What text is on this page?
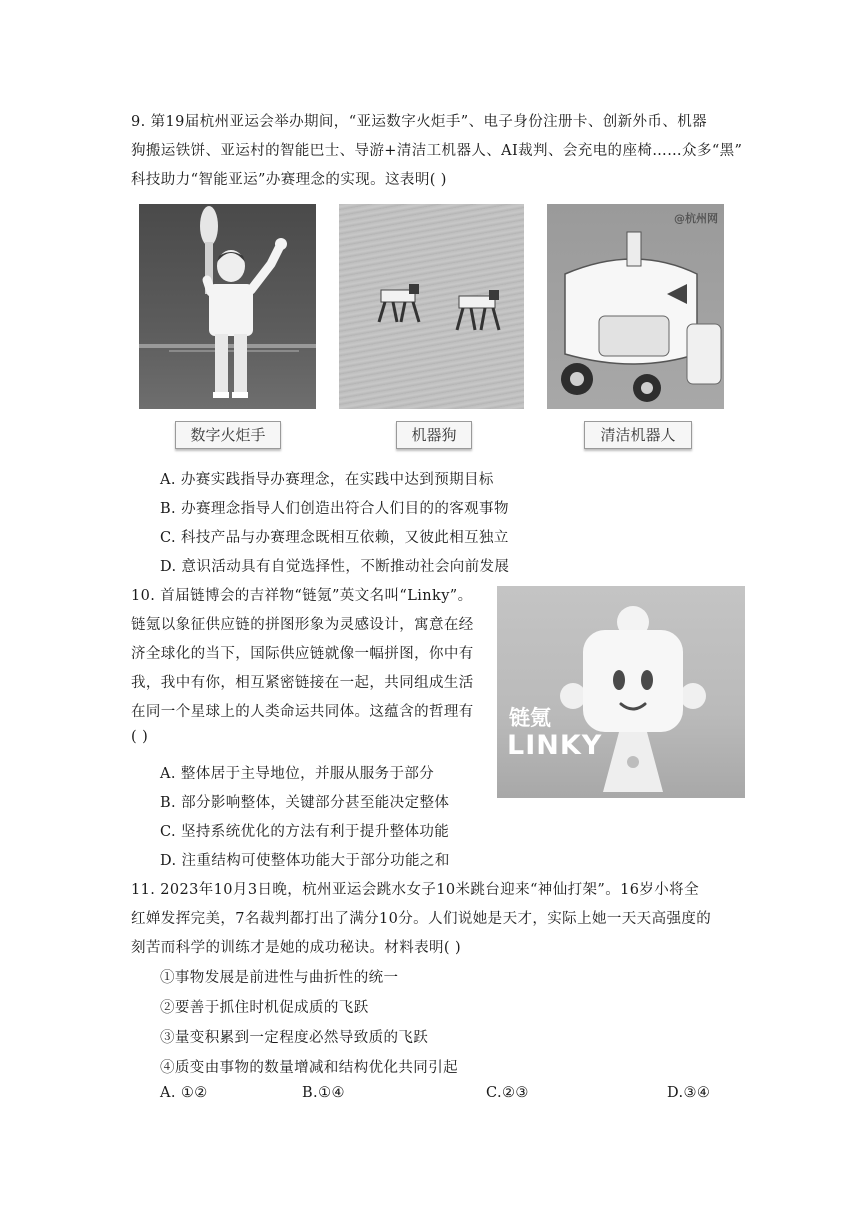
9. 第19届杭州亚运会举办期间，“亚运数字火炬手”、电子身份注册卡、创新外币、机器
狗搬运铁饼、亚运村的智能巴士、导游+清洁工机器人、AI裁判、会充电的座椅……众多“黑”
科技助力“智能亚运”办赛理念的实现。这表明( )
@杭州网
数字火炬手	机器狗	清洁机器人
A. 办赛实践指导办赛理念，在实践中达到预期目标
B. 办赛理念指导人们创造出符合人们目的的客观事物
C. 科技产品与办赛理念既相互依赖，又彼此相互独立
D. 意识活动具有自觉选择性，不断推动社会向前发展
10. 首届链博会的吉祥物“链氪”英文名叫“Linky”。
链氪以象征供应链的拼图形象为灵感设计，寓意在经
济全球化的当下，国际供应链就像一幅拼图，你中有
我，我中有你，相互紧密链接在一起，共同组成生活
在同一个星球上的人类命运共同体。这蕴含的哲理有
( )
链氪
LINKY
A. 整体居于主导地位，并服从服务于部分
B. 部分影响整体，关键部分甚至能决定整体
C. 坚持系统优化的方法有利于提升整体功能
D. 注重结构可使整体功能大于部分功能之和
11. 2023年10月3日晚，杭州亚运会跳水女子10米跳台迎来“神仙打架”。16岁小将全
红婵发挥完美，7名裁判都打出了满分10分。人们说她是天才，实际上她一天天高强度的
刻苦而科学的训练才是她的成功秘诀。材料表明( )
①事物发展是前进性与曲折性的统一
②要善于抓住时机促成质的飞跃
③量变积累到一定程度必然导致质的飞跃
④质变由事物的数量增减和结构优化共同引起
A. ①②	B.①④	C.②③	D.③④
